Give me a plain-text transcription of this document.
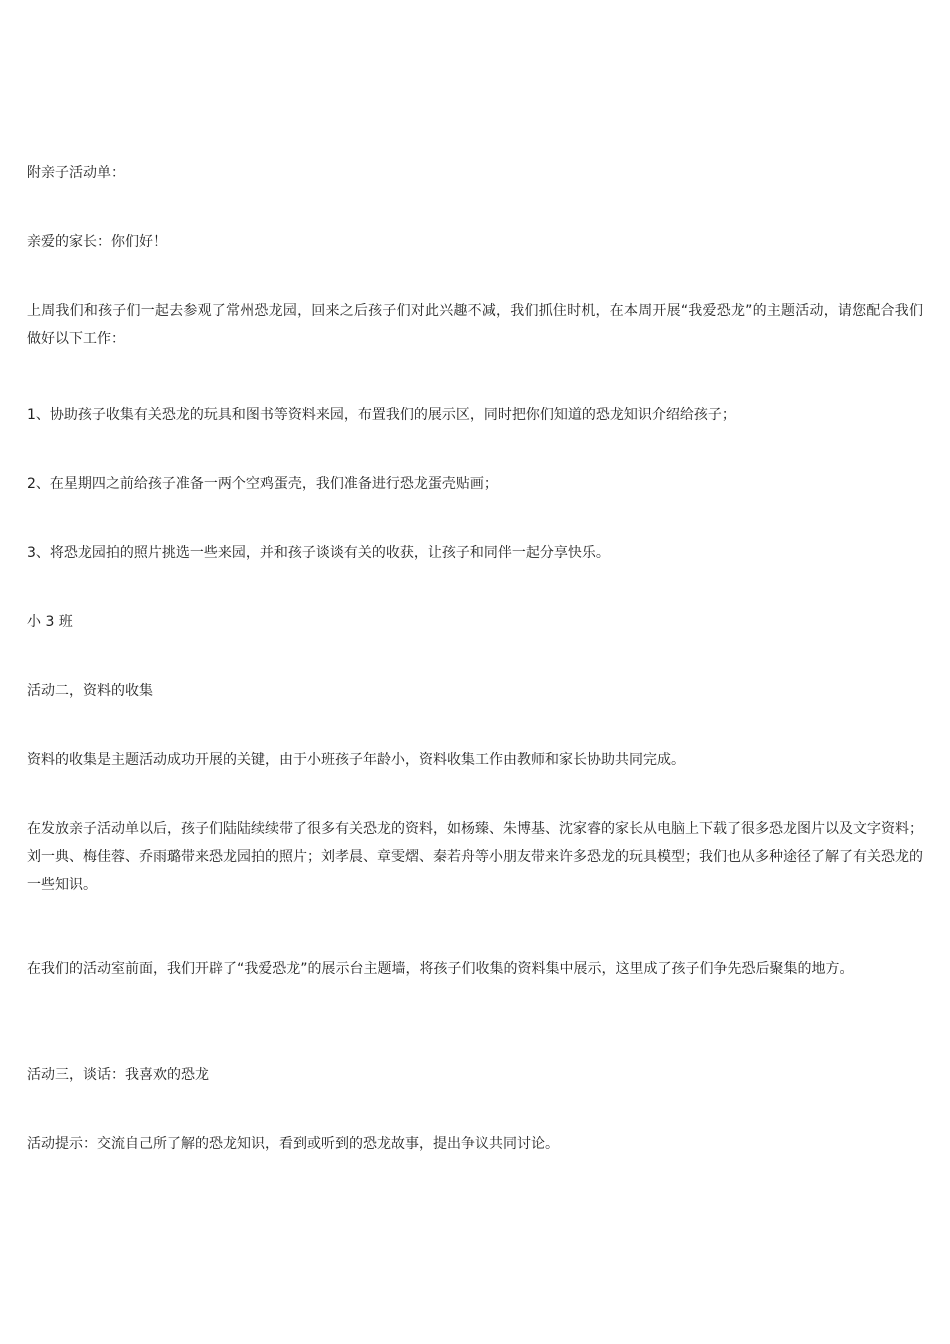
附亲子活动单：

亲爱的家长：你们好！

上周我们和孩子们一起去参观了常州恐龙园，回来之后孩子们对此兴趣不减，我们抓住时机，在本周开展“我爱恐龙”的主题活动，请您配合我们做好以下工作：

1、协助孩子收集有关恐龙的玩具和图书等资料来园，布置我们的展示区，同时把你们知道的恐龙知识介绍给孩子；

2、在星期四之前给孩子准备一两个空鸡蛋壳，我们准备进行恐龙蛋壳贴画；

3、将恐龙园拍的照片挑选一些来园，并和孩子谈谈有关的收获，让孩子和同伴一起分享快乐。

小 3 班

活动二，资料的收集

资料的收集是主题活动成功开展的关键，由于小班孩子年龄小，资料收集工作由教师和家长协助共同完成。

在发放亲子活动单以后，孩子们陆陆续续带了很多有关恐龙的资料，如杨臻、朱博基、沈家睿的家长从电脑上下载了很多恐龙图片以及文字资料；刘一典、梅佳蓉、乔雨璐带来恐龙园拍的照片；刘孝晨、章雯熠、秦若舟等小朋友带来许多恐龙的玩具模型；我们也从多种途径了解了有关恐龙的一些知识。

在我们的活动室前面，我们开辟了“我爱恐龙”的展示台主题墙，将孩子们收集的资料集中展示，这里成了孩子们争先恐后聚集的地方。

活动三，谈话：我喜欢的恐龙

活动提示：交流自己所了解的恐龙知识，看到或听到的恐龙故事，提出争议共同讨论。
